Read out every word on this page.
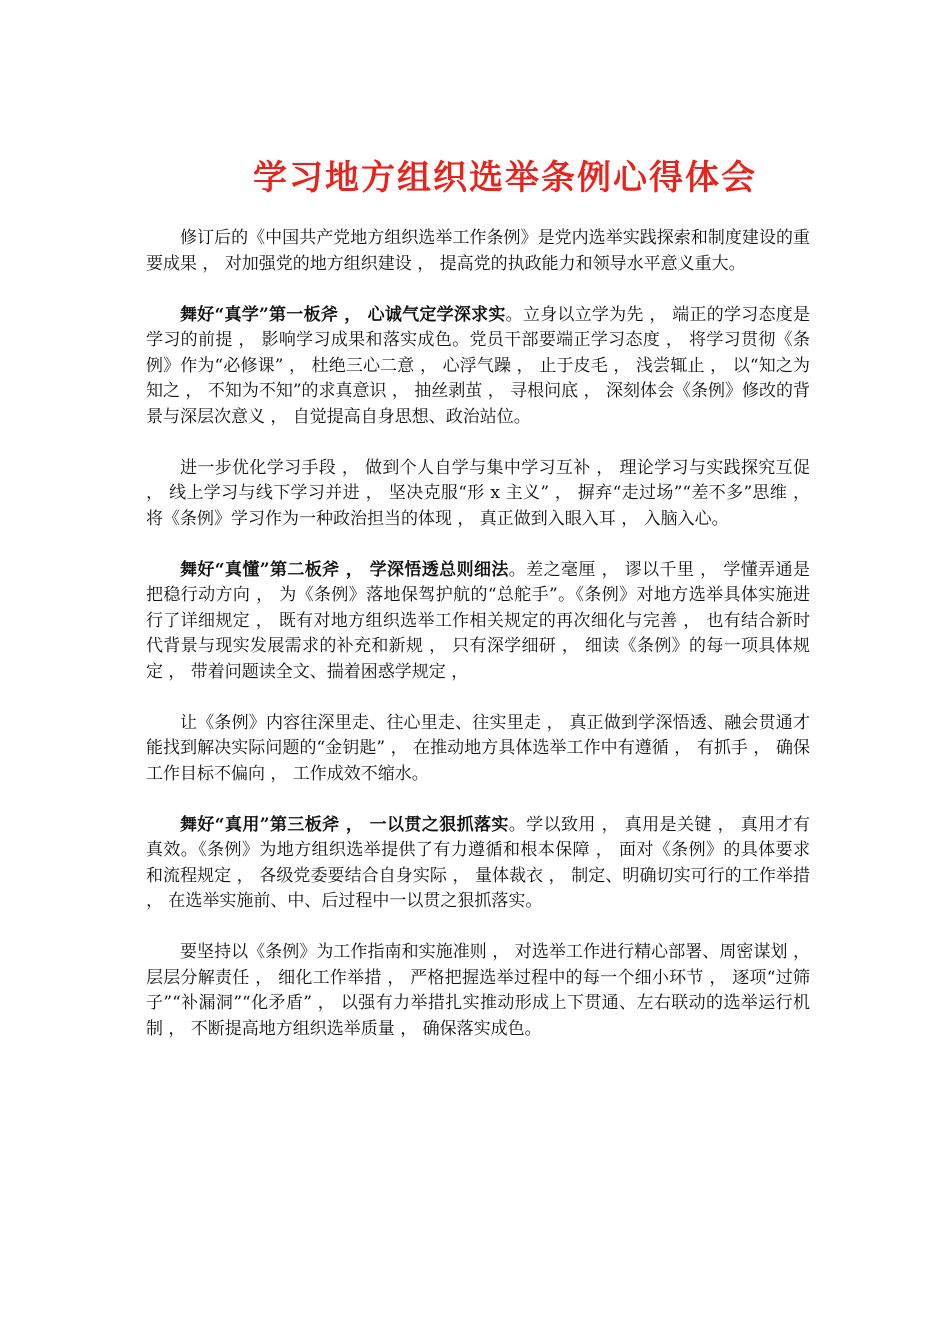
学习地方组织选举条例心得体会

修订后的《中国共产党地方组织选举工作条例》是党内选举实践探索和制度建设的重要成果 ， 对加强党的地方组织建设 ， 提高党的执政能力和领导水平意义重大。

舞好“真学”第一板斧 ， 心诚气定学深求实。立身以立学为先 ， 端正的学习态度是学习的前提 ， 影响学习成果和落实成色。党员干部要端正学习态度 ， 将学习贯彻《条例》作为“必修课” ， 杜绝三心二意 ， 心浮气躁 ， 止于皮毛 ， 浅尝辄止 ， 以“知之为知之 ， 不知为不知”的求真意识 ， 抽丝剥茧 ， 寻根问底 ， 深刻体会《条例》修改的背景与深层次意义 ， 自觉提高自身思想、政治站位。

进一步优化学习手段 ， 做到个人自学与集中学习互补 ， 理论学习与实践探究互促 ， 线上学习与线下学习并进 ， 坚决克服“形 x 主义” ， 摒弃“走过场”“差不多”思维 ， 将《条例》学习作为一种政治担当的体现 ， 真正做到入眼入耳 ， 入脑入心。

舞好“真懂”第二板斧 ， 学深悟透总则细法。差之毫厘 ， 谬以千里 ， 学懂弄通是把稳行动方向 ， 为《条例》落地保驾护航的“总舵手”。《条例》对地方选举具体实施进行了详细规定 ， 既有对地方组织选举工作相关规定的再次细化与完善 ， 也有结合新时代背景与现实发展需求的补充和新规 ， 只有深学细研 ， 细读《条例》的每一项具体规定 ， 带着问题读全文、揣着困惑学规定 ，

让《条例》内容往深里走、往心里走、往实里走 ， 真正做到学深悟透、融会贯通才能找到解决实际问题的“金钥匙” ， 在推动地方具体选举工作中有遵循 ， 有抓手 ， 确保工作目标不偏向 ， 工作成效不缩水。

舞好“真用”第三板斧 ， 一以贯之狠抓落实。学以致用 ， 真用是关键 ， 真用才有真效。《条例》为地方组织选举提供了有力遵循和根本保障 ， 面对《条例》的具体要求和流程规定 ， 各级党委要结合自身实际 ， 量体裁衣 ， 制定、明确切实可行的工作举措 ， 在选举实施前、中、后过程中一以贯之狠抓落实。

要坚持以《条例》为工作指南和实施准则 ， 对选举工作进行精心部署、周密谋划 ， 层层分解责任 ， 细化工作举措 ， 严格把握选举过程中的每一个细小环节 ， 逐项“过筛子”“补漏洞”“化矛盾” ， 以强有力举措扎实推动形成上下贯通、左右联动的选举运行机制 ， 不断提高地方组织选举质量 ， 确保落实成色。
